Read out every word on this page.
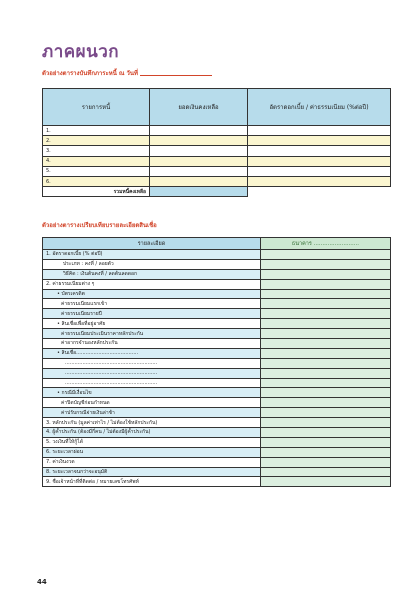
ภาคผนวก
ตัวอย่างตารางบันทึกภาระหนี้ ณ วันที่
รายการหนี้	ยอดเงินคงเหลือ	อัตราดอกเบี้ย / ค่าธรรมเนียม (%ต่อปี)
1.		
2.		
3.		
4.		
5.		
6.		
รวมหนี้คงเหลือ		
ตัวอย่างตารางเปรียบเทียบรายละเอียดสินเชื่อ
รายละเอียด	ธนาคาร ..........................
1. อัตราดอกเบี้ย (% ต่อปี)	
ประเภท : คงที่ / ลอยตัว	
วิธีคิด : เงินต้นคงที่ / ลดต้นลดดอก	
2. ค่าธรรมเนียมต่าง ๆ	
• บัตรเครดิต	
ค่าธรรมเนียมแรกเข้า	
ค่าธรรมเนียมรายปี	
• สินเชื่อเพื่อที่อยู่อาศัย	
ค่าธรรมเนียมประเมินราคาหลักประกัน	
ค่าอากรจำนองหลักประกัน	
• สินเชื่อ.......................................	
..........................................................	
..........................................................	
..........................................................	
• กรณีมีเงื่อนไข	
ค่าปิดบัญชีก่อนกำหนด	
ค่าปรับกรณีจ่ายเงินล่าช้า	
3. หลักประกัน (มูลค่าเท่าไร / ไม่ต้องใช้หลักประกัน)	
4. ผู้ค้ำประกัน (ต้องมีกี่คน / ไม่ต้องมีผู้ค้ำประกัน)	
5. วงเงินที่ให้กู้ได้	
6. ระยะเวลาผ่อน	
7. ค่าเงินงวด	
8. ระยะเวลาจนกว่าจะอนุมัติ	
9. ชื่อเจ้าหน้าที่ที่ติดต่อ / หมายเลขโทรศัพท์	
44
